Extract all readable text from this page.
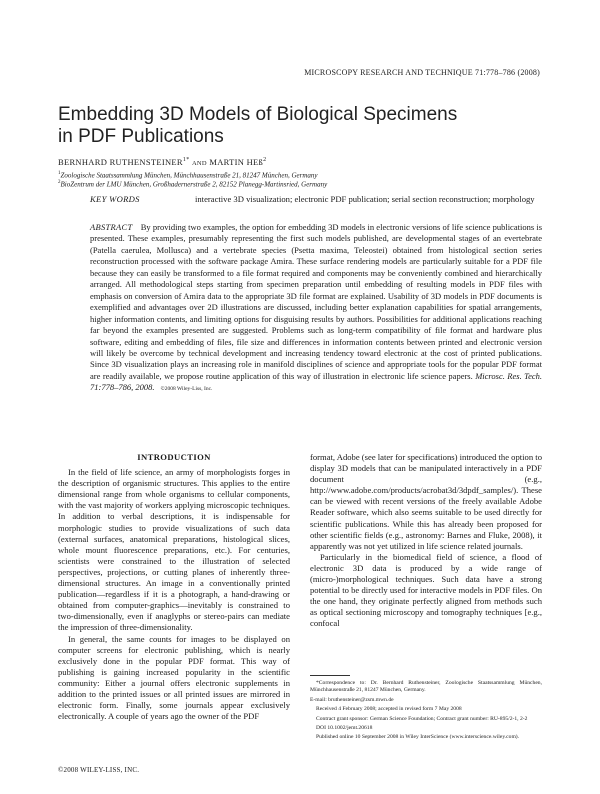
MICROSCOPY RESEARCH AND TECHNIQUE 71:778–786 (2008)
Embedding 3D Models of Biological Specimens
in PDF Publications
BERNHARD $RUTHENSTEINER^{1*}$ AND MARTIN HEß$^2$
$^1$Zoologische Staatssammlung München, Münchhausenstraße 21, 81247 München, Germany
$^2$BioZentrum der LMU München, Großhadernerstraße 2, 82152 Planegg-Martinsried, Germany
KEY WORDS	interactive 3D visualization; electronic PDF publication; serial section reconstruction; morphology
ABSTRACT By providing two examples, the option for embedding 3D models in electronic versions of life science publications is presented. These examples, presumably representing the first such models published, are developmental stages of an evertebrate (Patella caerulea, Mollusca) and a vertebrate species (Psetta maxima, Teleostei) obtained from histological section series reconstruction processed with the software package Amira. These surface rendering models are particularly suitable for a PDF file because they can easily be transformed to a file format required and components may be conveniently combined and hierarchically arranged. All methodological steps starting from specimen preparation until embedding of resulting models in PDF files with emphasis on conversion of Amira data to the appropriate 3D file format are explained. Usability of 3D models in PDF documents is exemplified and advantages over 2D illustrations are discussed, including better explanation capabilities for spatial arrangements, higher information contents, and limiting options for disguising results by authors. Possibilities for additional applications reaching far beyond the examples presented are suggested. Problems such as long-term compatibility of file format and hardware plus software, editing and embedding of files, file size and differences in information contents between printed and electronic version will likely be overcome by technical development and increasing tendency toward electronic at the cost of printed publications. Since 3D visualization plays an increasing role in manifold disciplines of science and appropriate tools for the popular PDF format are readily available, we propose routine application of this way of illustration in electronic life science papers. Microsc. Res. Tech. 71:778–786, 2008. ©2008 Wiley-Liss, Inc.
INTRODUCTION

In the field of life science, an army of morphologists forges in the description of organismic structures. This applies to the entire dimensional range from whole organisms to cellular components, with the vast majority of workers applying microscopic techniques. In addition to verbal descriptions, it is indispensable for morphologic studies to provide visualizations of such data (external surfaces, anatomical preparations, histological slices, whole mount fluorescence preparations, etc.). For centuries, scientists were constrained to the illustration of selected perspectives, projections, or cutting planes of inherently three-dimensional structures. An image in a conventionally printed publication—regardless if it is a photograph, a hand-drawing or obtained from computer-graphics—inevitably is constrained to two-dimensionally, even if anaglyphs or stereo-pairs can mediate the impression of three-dimensionality.

In general, the same counts for images to be displayed on computer screens for electronic publishing, which is nearly exclusively done in the popular PDF format. This way of publishing is gaining increased popularity in the scientific community: Either a journal offers electronic supplements in addition to the printed issues or all printed issues are mirrored in electronic form. Finally, some journals appear exclusively electronically. A couple of years ago the owner of the PDF

format, Adobe (see later for specifications) introduced the option to display 3D models that can be manipulated interactively in a PDF document (e.g., http://www.adobe.com/products/acrobat3d/3dpdf_samples/). These can be viewed with recent versions of the freely available Adobe Reader software, which also seems suitable to be used directly for scientific publications. While this has already been proposed for other scientific fields (e.g., astronomy: Barnes and Fluke, 2008), it apparently was not yet utilized in life science related journals.

Particularly in the biomedical field of science, a flood of electronic 3D data is produced by a wide range of (micro-)morphological techniques. Such data have a strong potential to be directly used for interactive models in PDF files. On the one hand, they originate perfectly aligned from methods such as optical sectioning microscopy and tomography techniques [e.g., confocal

*Correspondence to: Dr. Bernhard Ruthensteiner, Zoologische Staatssammlung München, Münchhausenstraße 21, 81247 München, Germany.

E-mail: bruthensteiner@zsm.mwn.de

Received 4 February 2008; accepted in revised form 7 May 2008

Contract grant sponsor: German Science Foundation; Contract grant number: RU-895/2-1, 2-2

DOI 10.1002/jemt.20618

Published online 10 September 2008 in Wiley InterScience (www.interscience.wiley.com).

©2008 WILEY-LISS, INC.
